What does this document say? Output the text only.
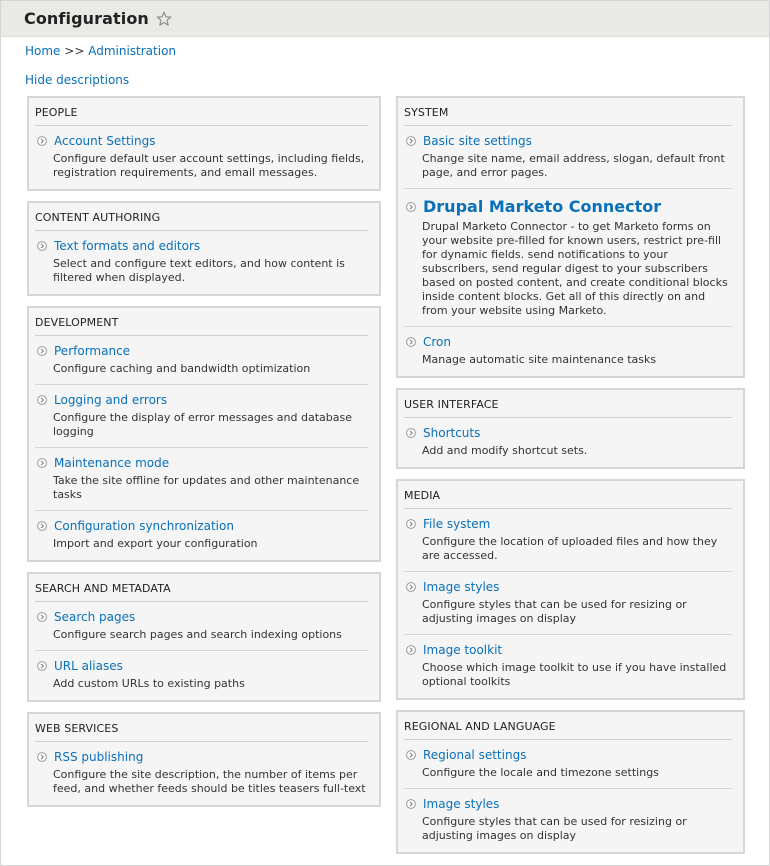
Configuration
Home >> Administration
Hide descriptions
PEOPLE
Account Settings
Configure default user account settings, including fields, registration requirements, and email messages.
CONTENT AUTHORING
Text formats and editors
Select and configure text editors, and how content is filtered when displayed.
DEVELOPMENT
Performance
Configure caching and bandwidth optimization
Logging and errors
Configure the display of error messages and database logging
Maintenance mode
Take the site offline for updates and other maintenance tasks
Configuration synchronization
Import and export your configuration
SEARCH AND METADATA
Search pages
Configure search pages and search indexing options
URL aliases
Add custom URLs to existing paths
WEB SERVICES
RSS publishing
Configure the site description, the number of items per feed, and whether feeds should be titles teasers full-text
SYSTEM
Basic site settings
Change site name, email address, slogan, default front page, and error pages.
Drupal Marketo Connector
Drupal Marketo Connector - to get Marketo forms on your website pre-filled for known users, restrict pre-fill for dynamic fields. send notifications to your subscribers, send regular digest to your subscribers based on posted content, and create conditional blocks inside content blocks. Get all of this directly on and from your website using Marketo.
Cron
Manage automatic site maintenance tasks
USER INTERFACE
Shortcuts
Add and modify shortcut sets.
MEDIA
File system
Configure the location of uploaded files and how they are accessed.
Image styles
Configure styles that can be used for resizing or adjusting images on display
Image toolkit
Choose which image toolkit to use if you have installed optional toolkits
REGIONAL AND LANGUAGE
Regional settings
Configure the locale and timezone settings
Image styles
Configure styles that can be used for resizing or adjusting images on display
